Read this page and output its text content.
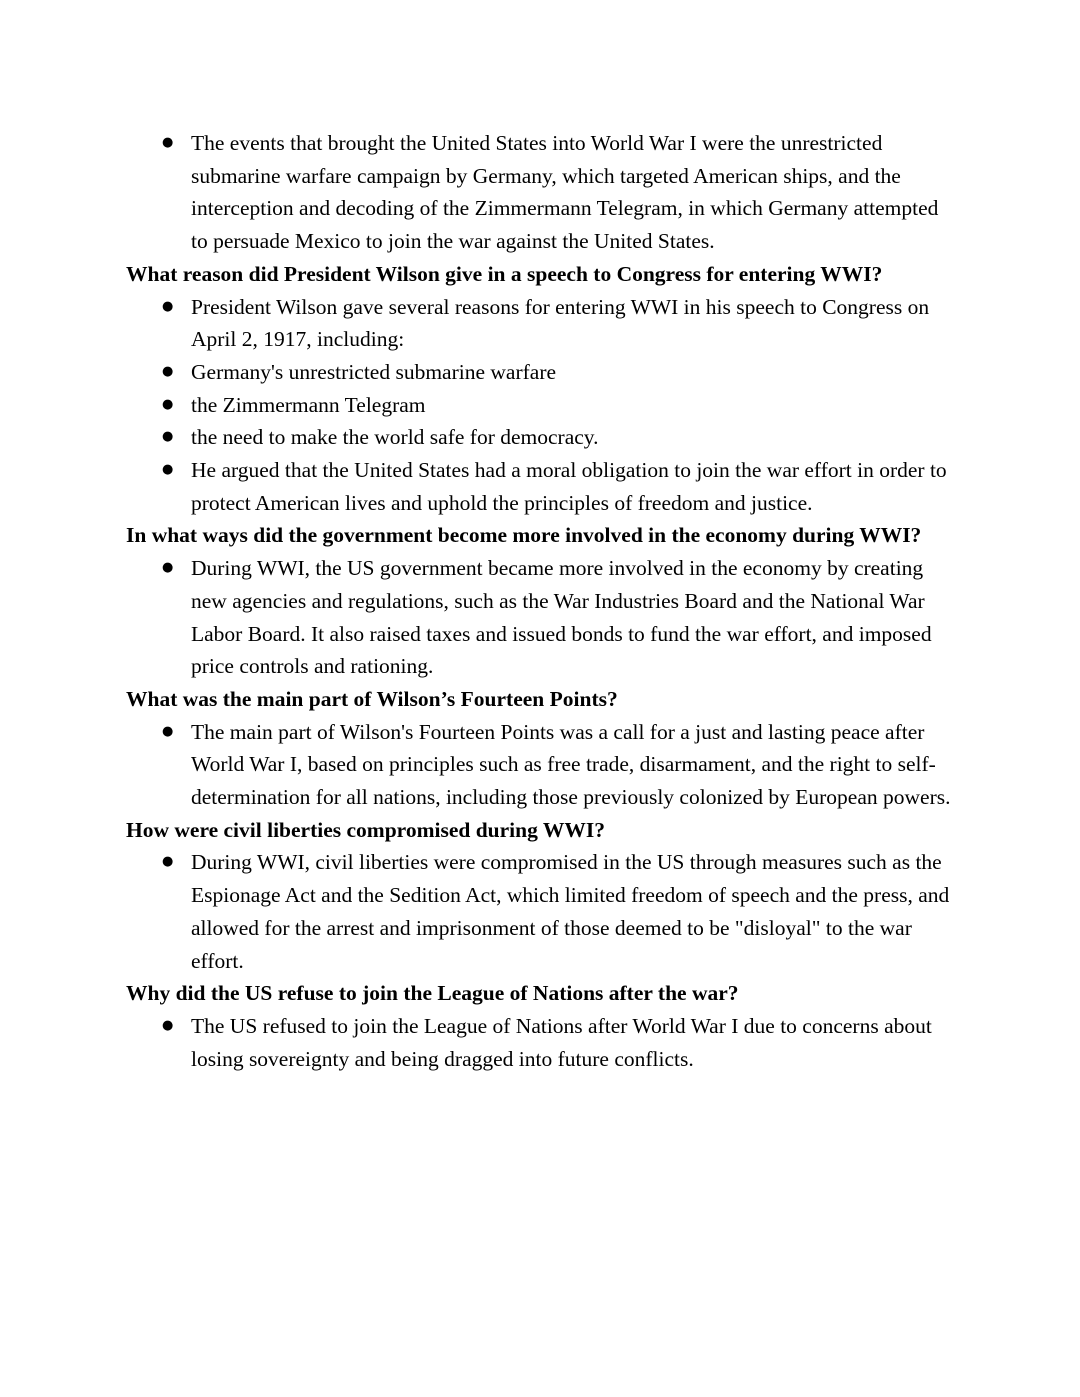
● The events that brought the United States into World War I were the unrestricted submarine warfare campaign by Germany, which targeted American ships, and the interception and decoding of the Zimmermann Telegram, in which Germany attempted to persuade Mexico to join the war against the United States.

What reason did President Wilson give in a speech to Congress for entering WWI?

● President Wilson gave several reasons for entering WWI in his speech to Congress on April 2, 1917, including:
● Germany's unrestricted submarine warfare
● the Zimmermann Telegram
● the need to make the world safe for democracy.
● He argued that the United States had a moral obligation to join the war effort in order to protect American lives and uphold the principles of freedom and justice.

In what ways did the government become more involved in the economy during WWI?

● During WWI, the US government became more involved in the economy by creating new agencies and regulations, such as the War Industries Board and the National War Labor Board. It also raised taxes and issued bonds to fund the war effort, and imposed price controls and rationing.

What was the main part of Wilson’s Fourteen Points?

● The main part of Wilson's Fourteen Points was a call for a just and lasting peace after World War I, based on principles such as free trade, disarmament, and the right to self-determination for all nations, including those previously colonized by European powers.

How were civil liberties compromised during WWI?

● During WWI, civil liberties were compromised in the US through measures such as the Espionage Act and the Sedition Act, which limited freedom of speech and the press, and allowed for the arrest and imprisonment of those deemed to be "disloyal" to the war effort.

Why did the US refuse to join the League of Nations after the war?

● The US refused to join the League of Nations after World War I due to concerns about losing sovereignty and being dragged into future conflicts.
